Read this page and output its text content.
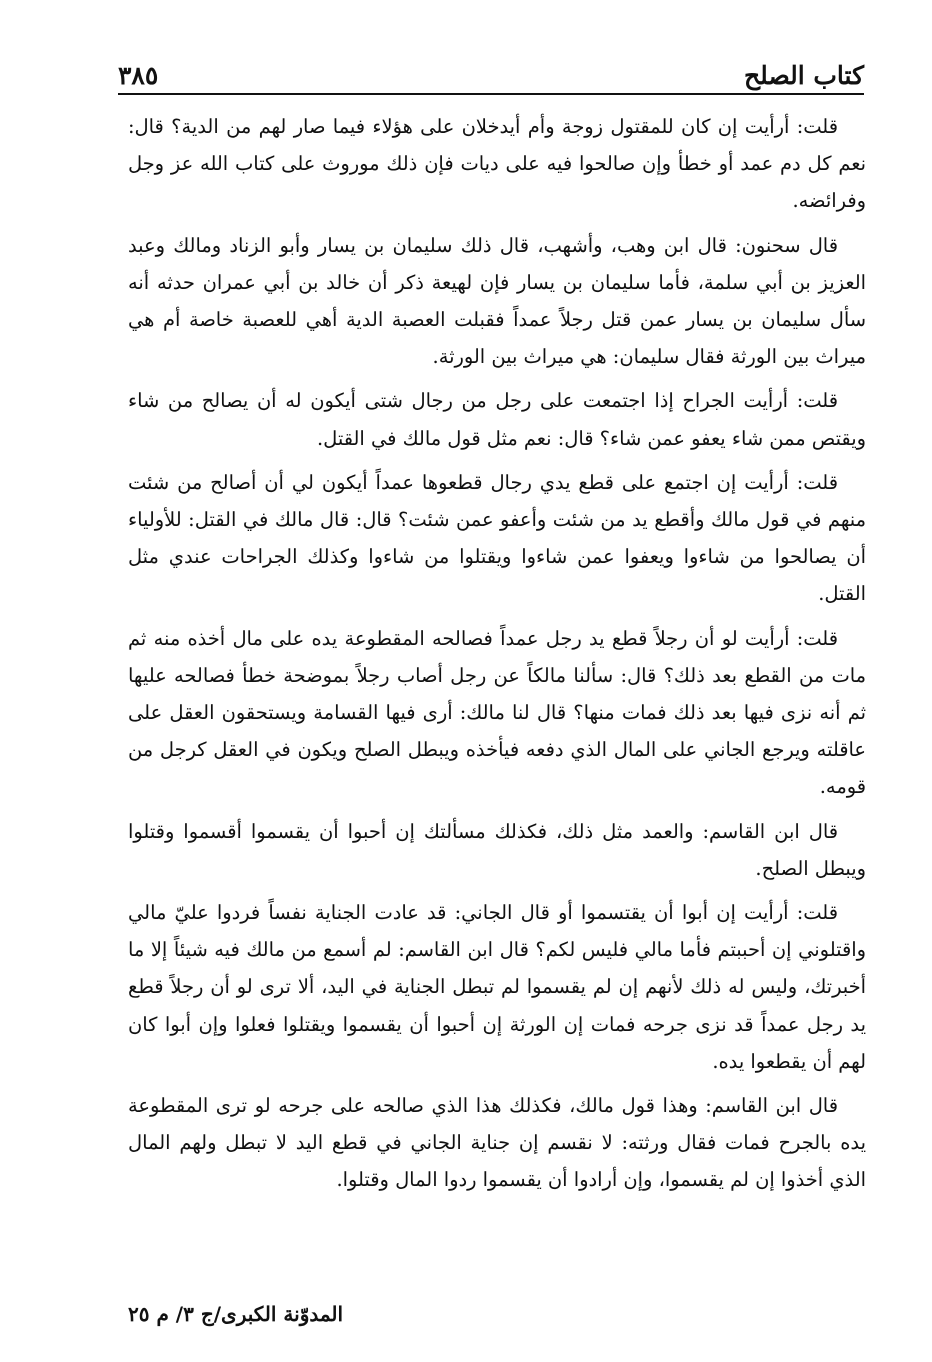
كتاب الصلح
٣٨٥

قلت: أرأيت إن كان للمقتول زوجة وأم أيدخلان على هؤلاء فيما صار لهم من الدية؟ قال: نعم كل دم عمد أو خطأ وإن صالحوا فيه على ديات فإن ذلك موروث على كتاب الله عز وجل وفرائضه.

قال سحنون: قال ابن وهب، وأشهب، قال ذلك سليمان بن يسار وأبو الزناد ومالك وعبد العزيز بن أبي سلمة، فأما سليمان بن يسار فإن لهيعة ذكر أن خالد بن أبي عمران حدثه أنه سأل سليمان بن يسار عمن قتل رجلاً عمداً فقبلت العصبة الدية أهي للعصبة خاصة أم هي ميراث بين الورثة فقال سليمان: هي ميراث بين الورثة.

قلت: أرأيت الجراح إذا اجتمعت على رجل من رجال شتى أيكون له أن يصالح من شاء ويقتص ممن شاء يعفو عمن شاء؟ قال: نعم مثل قول مالك في القتل.

قلت: أرأيت إن اجتمع على قطع يدي رجال قطعوها عمداً أيكون لي أن أصالح من شئت منهم في قول مالك وأقطع يد من شئت وأعفو عمن شئت؟ قال: قال مالك في القتل: للأولياء أن يصالحوا من شاءوا ويعفوا عمن شاءوا ويقتلوا من شاءوا وكذلك الجراحات عندي مثل القتل.

قلت: أرأيت لو أن رجلاً قطع يد رجل عمداً فصالحه المقطوعة يده على مال أخذه منه ثم مات من القطع بعد ذلك؟ قال: سألنا مالكاً عن رجل أصاب رجلاً بموضحة خطأ فصالحه عليها ثم أنه نزى فيها بعد ذلك فمات منها؟ قال لنا مالك: أرى فيها القسامة ويستحقون العقل على عاقلته ويرجع الجاني على المال الذي دفعه فيأخذه ويبطل الصلح ويكون في العقل كرجل من قومه.

قال ابن القاسم: والعمد مثل ذلك، فكذلك مسألتك إن أحبوا أن يقسموا أقسموا وقتلوا ويبطل الصلح.

قلت: أرأيت إن أبوا أن يقتسموا أو قال الجاني: قد عادت الجناية نفساً فردوا عليّ مالي واقتلوني إن أحببتم فأما مالي فليس لكم؟ قال ابن القاسم: لم أسمع من مالك فيه شيئاً إلا ما أخبرتك، وليس له ذلك لأنهم إن لم يقسموا لم تبطل الجناية في اليد، ألا ترى لو أن رجلاً قطع يد رجل عمداً قد نزى جرحه فمات إن الورثة إن أحبوا أن يقسموا ويقتلوا فعلوا وإن أبوا كان لهم أن يقطعوا يده.

قال ابن القاسم: وهذا قول مالك، فكذلك هذا الذي صالحه على جرحه لو ترى المقطوعة يده بالجرح فمات فقال ورثته: لا نقسم إن جناية الجاني في قطع اليد لا تبطل ولهم المال الذي أخذوا إن لم يقسموا، وإن أرادوا أن يقسموا ردوا المال وقتلوا.

المدوّنة الكبرى/ج ٣/ م ٢٥
